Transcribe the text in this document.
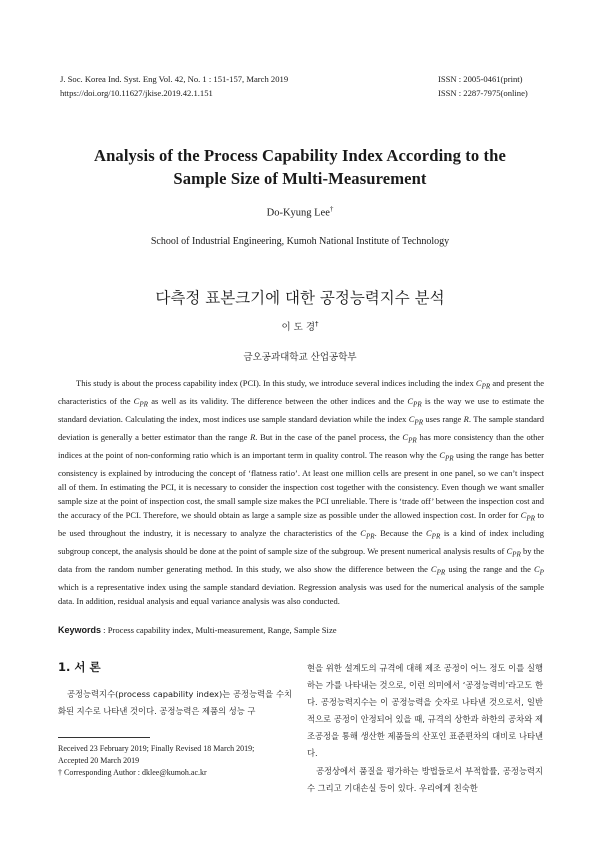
J. Soc. Korea Ind. Syst. Eng Vol. 42, No. 1 : 151-157, March 2019
https://doi.org/10.11627/jkise.2019.42.1.151
ISSN : 2005-0461(print)
ISSN : 2287-7975(online)
Analysis of the Process Capability Index According to the
Sample Size of Multi-Measurement
Do-Kyung Lee†
School of Industrial Engineering, Kumoh National Institute of Technology
다측정 표본크기에 대한 공정능력지수 분석
이 도 경†
금오공과대학교 산업공학부

This study is about the process capability index (PCI). In this study, we introduce several indices including the index $C_{PR}$ and present the characteristics of the $C_{PR}$ as well as its validity. The difference between the other indices and the $C_{PR}$ is the way we use to estimate the standard deviation. Calculating the index, most indices use sample standard deviation while the index $C_{PR}$ uses range R. The sample standard deviation is generally a better estimator than the range R. But in the case of the panel process, the $C_{PR}$ has more consistency than the other indices at the point of non-conforming ratio which is an important term in quality control. The reason why the $C_{PR}$ using the range has better consistency is explained by introducing the concept of ‘flatness ratio’. At least one million cells are present in one panel, so we can’t inspect all of them. In estimating the PCI, it is necessary to consider the inspection cost together with the consistency. Even though we want smaller sample size at the point of inspection cost, the small sample size makes the PCI unreliable. There is ‘trade off’ between the inspection cost and the accuracy of the PCI. Therefore, we should obtain as large a sample size as possible under the allowed inspection cost. In order for $C_{PR}$ to be used throughout the industry, it is necessary to analyze the characteristics of the $C_{PR}$. Because the $C_{PR}$ is a kind of index including subgroup concept, the analysis should be done at the point of sample size of the subgroup. We present numerical analysis results of $C_{PR}$ by the data from the random number generating method. In this study, we also show the difference between the $C_{PR}$ using the range and the $C_P$ which is a representative index using the sample standard deviation. Regression analysis was used for the numerical analysis of the sample data. In addition, residual analysis and equal variance analysis was also conducted.

Keywords : Process capability index, Multi-measurement, Range, Sample Size
1. 서 론

공정능력지수(process capability index)는 공정능력을 수치화된 지수로 나타낸 것이다. 공정능력은 제품의 성능 구

Received 23 February 2019; Finally Revised 18 March 2019;
Accepted 20 March 2019
† Corresponding Author : dklee@kumoh.ac.kr

현을 위한 설계도의 규격에 대해 제조 공정이 어느 정도 이를 실행하는 가를 나타내는 것으로, 이런 의미에서 ‘공정능력비’라고도 한다. 공정능력지수는 이 공정능력을 숫자로 나타낸 것으로서, 일반적으로 공정이 안정되어 있을 때, 규격의 상한과 하한의 공차와 제조공정을 통해 생산한 제품들의 산포인 표준편차의 대비로 나타낸다.

공정상에서 품질을 평가하는 방법들로서 부적합률, 공정능력지수 그리고 기대손실 등이 있다. 우리에게 친숙한
